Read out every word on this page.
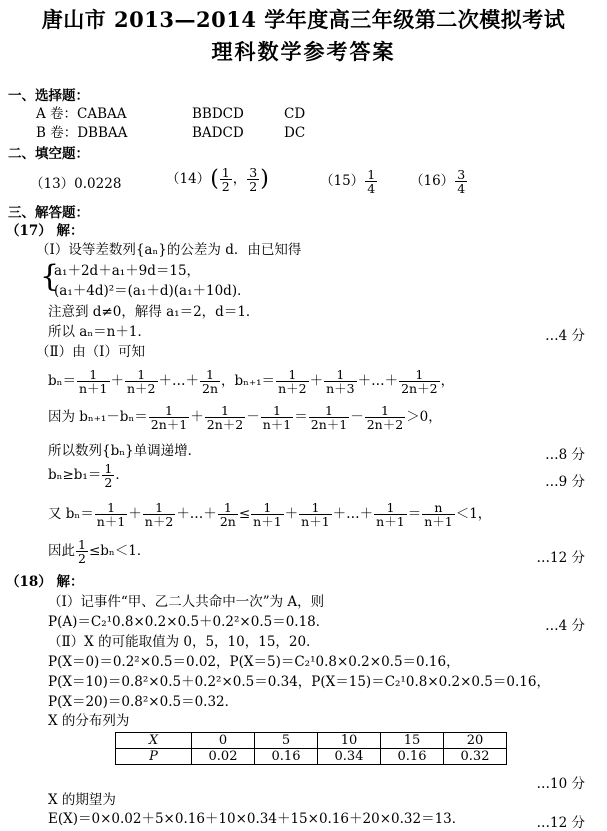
唐山市 2013—2014 学年度高三年级第二次模拟考试
理科数学参考答案
一、选择题：
A 卷：CABAA	BBDCD	CD
B 卷：DBBAA	BADCD	DC
二、填空题：
（13）0.0228	$(14)( \frac{1}{2}$ ， $\frac{3}{2}$ )	$(15) \frac{1}{4} (16) \frac{3}{4}$
三、解答题：
（17） 解：
（Ⅰ）设等差数列{aₙ}的公差为 d．由已知得
{
a₁＋2d＋a₁＋9d＝15，
(a₁＋4d)²＝(a₁＋d)(a₁＋10d)．
注意到 d≠0，解得 a₁＝2，d＝1．
所以 aₙ＝n＋1．	…4 分
（Ⅱ）由（Ⅰ）可知
$b_n= \frac{1}{n+1} + \frac{1}{n+2}$ ＋…＋ $\frac{1}{2n}$ ，$b_{n+1}= \frac{1}{n+2} + \frac{1}{n+3}$ ＋…＋ $\frac{1}{2n+2}$ ，
因为 $b_{n+1}-b_n= \frac{1}{2n+1} + \frac{1}{2n+2} - \frac{1}{n+1} = \frac{1}{2n+1} - \frac{1}{2n+2} >0$，
所以数列{bₙ}单调递增．	…8 分
$b_n\ge b_1= \frac{1}{2}$ ．	…9 分
又 $b_n= \frac{1}{n+1} + \frac{1}{n+2}$ ＋…＋ $\frac{1}{2n} \le \frac{1}{n+1} + \frac{1}{n+1}$ ＋…＋ $\frac{1}{n+1} = \frac{n}{n+1} <1$，
因此 $\frac{1}{2} \le b_n<1$．	…12 分
（18） 解：
（Ⅰ）记事件“甲、乙二人共命中一次”为 A，则
P(A)＝C₂¹0.8×0.2×0.5＋0.2²×0.5＝0.18．	…4 分
（Ⅱ）X 的可能取值为 0，5，10，15，20．
P(X＝0)＝0.2²×0.5＝0.02，P(X＝5)＝C₂¹0.8×0.2×0.5＝0.16，
P(X＝10)＝0.8²×0.5＋0.2²×0.5＝0.34，P(X＝15)＝C₂¹0.8×0.2×0.5＝0.16，
P(X＝20)＝0.8²×0.5＝0.32．
X 的分布列为
X	0	5	10	15	20
P	0.02	0.16	0.34	0.16	0.32
…10 分
X 的期望为
E(X)＝0×0.02＋5×0.16＋10×0.34＋15×0.16＋20×0.32＝13．	…12 分
